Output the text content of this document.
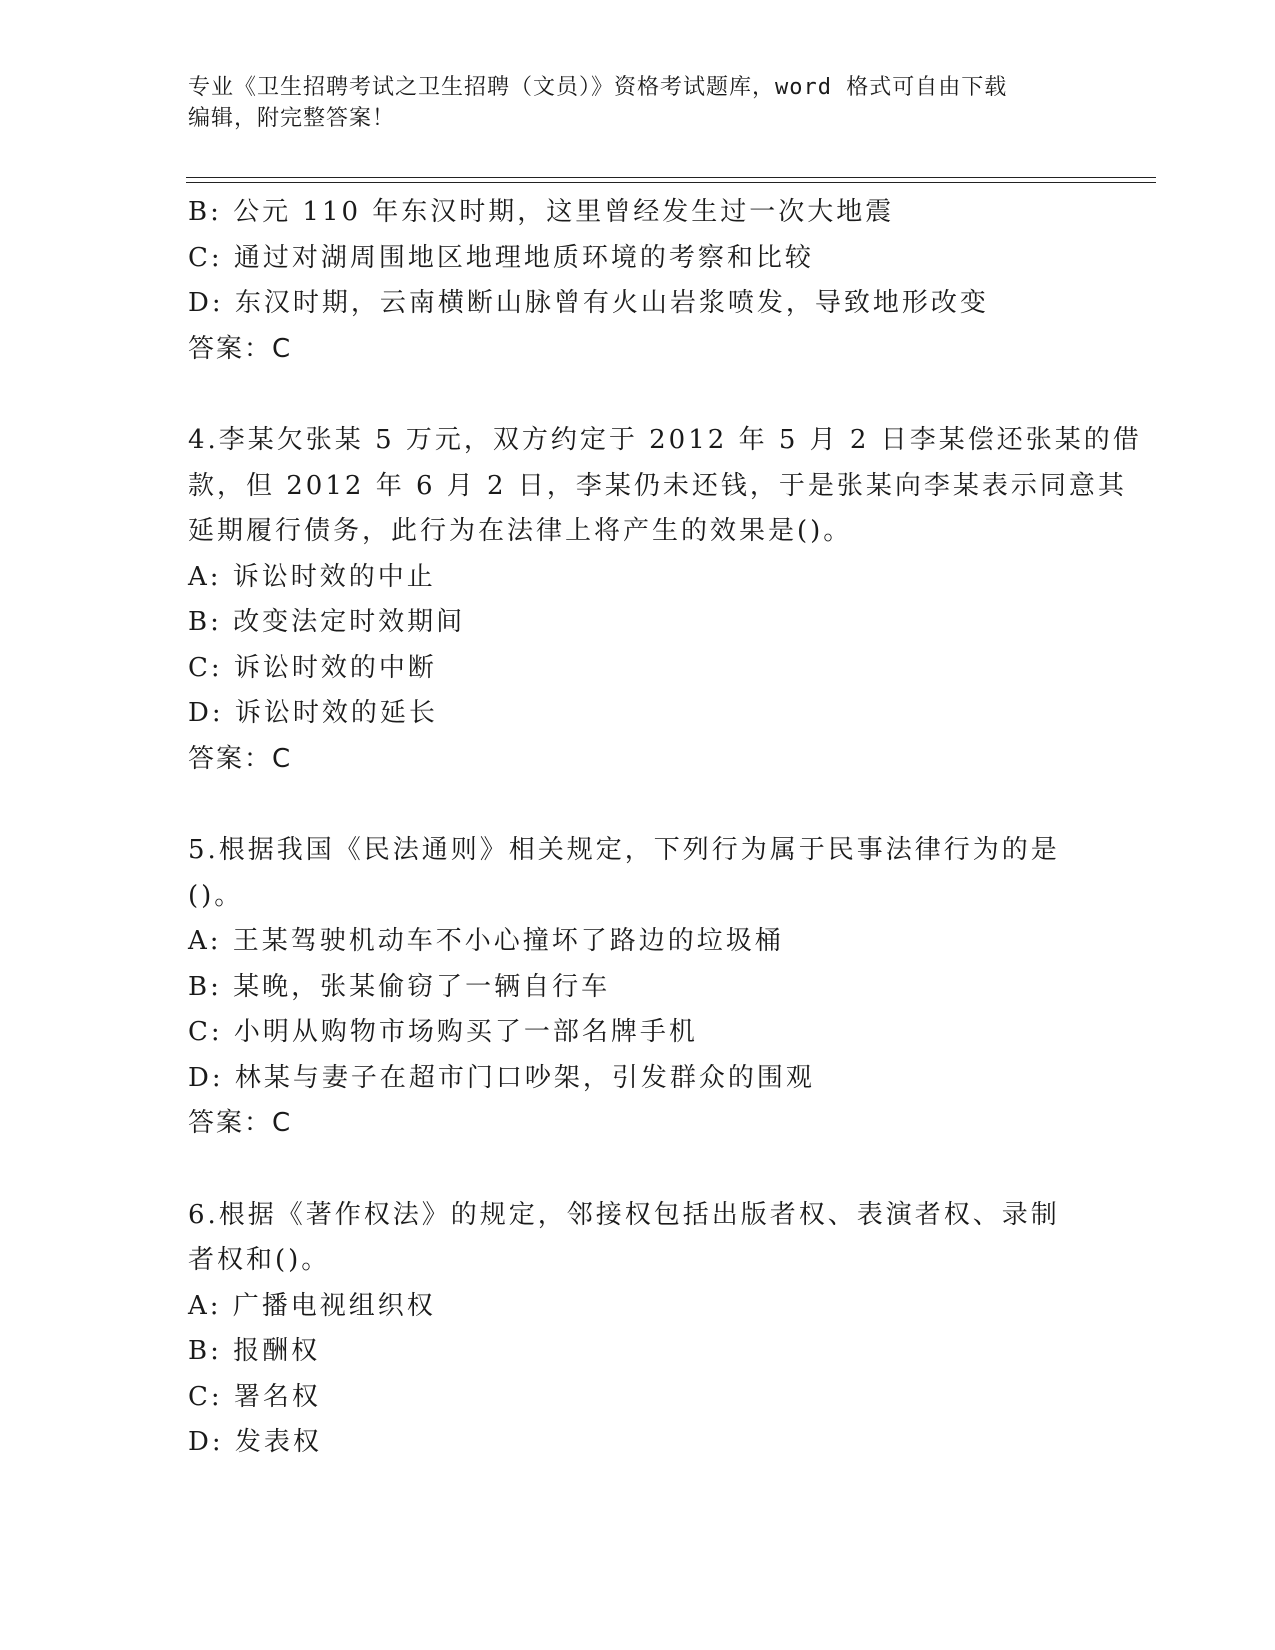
专业《卫生招聘考试之卫生招聘（文员）》资格考试题库，word 格式可自由下载
编辑，附完整答案！
B: 公元 110 年东汉时期，这里曾经发生过一次大地震
C: 通过对湖周围地区地理地质环境的考察和比较
D: 东汉时期，云南横断山脉曾有火山岩浆喷发，导致地形改变
答案：C
4.李某欠张某 5 万元，双方约定于 2012 年 5 月 2 日李某偿还张某的借
款，但 2012 年 6 月 2 日，李某仍未还钱，于是张某向李某表示同意其
延期履行债务，此行为在法律上将产生的效果是()。
A: 诉讼时效的中止
B: 改变法定时效期间
C: 诉讼时效的中断
D: 诉讼时效的延长
答案：C
5.根据我国《民法通则》相关规定，下列行为属于民事法律行为的是
()。
A: 王某驾驶机动车不小心撞坏了路边的垃圾桶
B: 某晚，张某偷窃了一辆自行车
C: 小明从购物市场购买了一部名牌手机
D: 林某与妻子在超市门口吵架，引发群众的围观
答案：C
6.根据《著作权法》的规定，邻接权包括出版者权、表演者权、录制
者权和()。
A: 广播电视组织权
B: 报酬权
C: 署名权
D: 发表权
